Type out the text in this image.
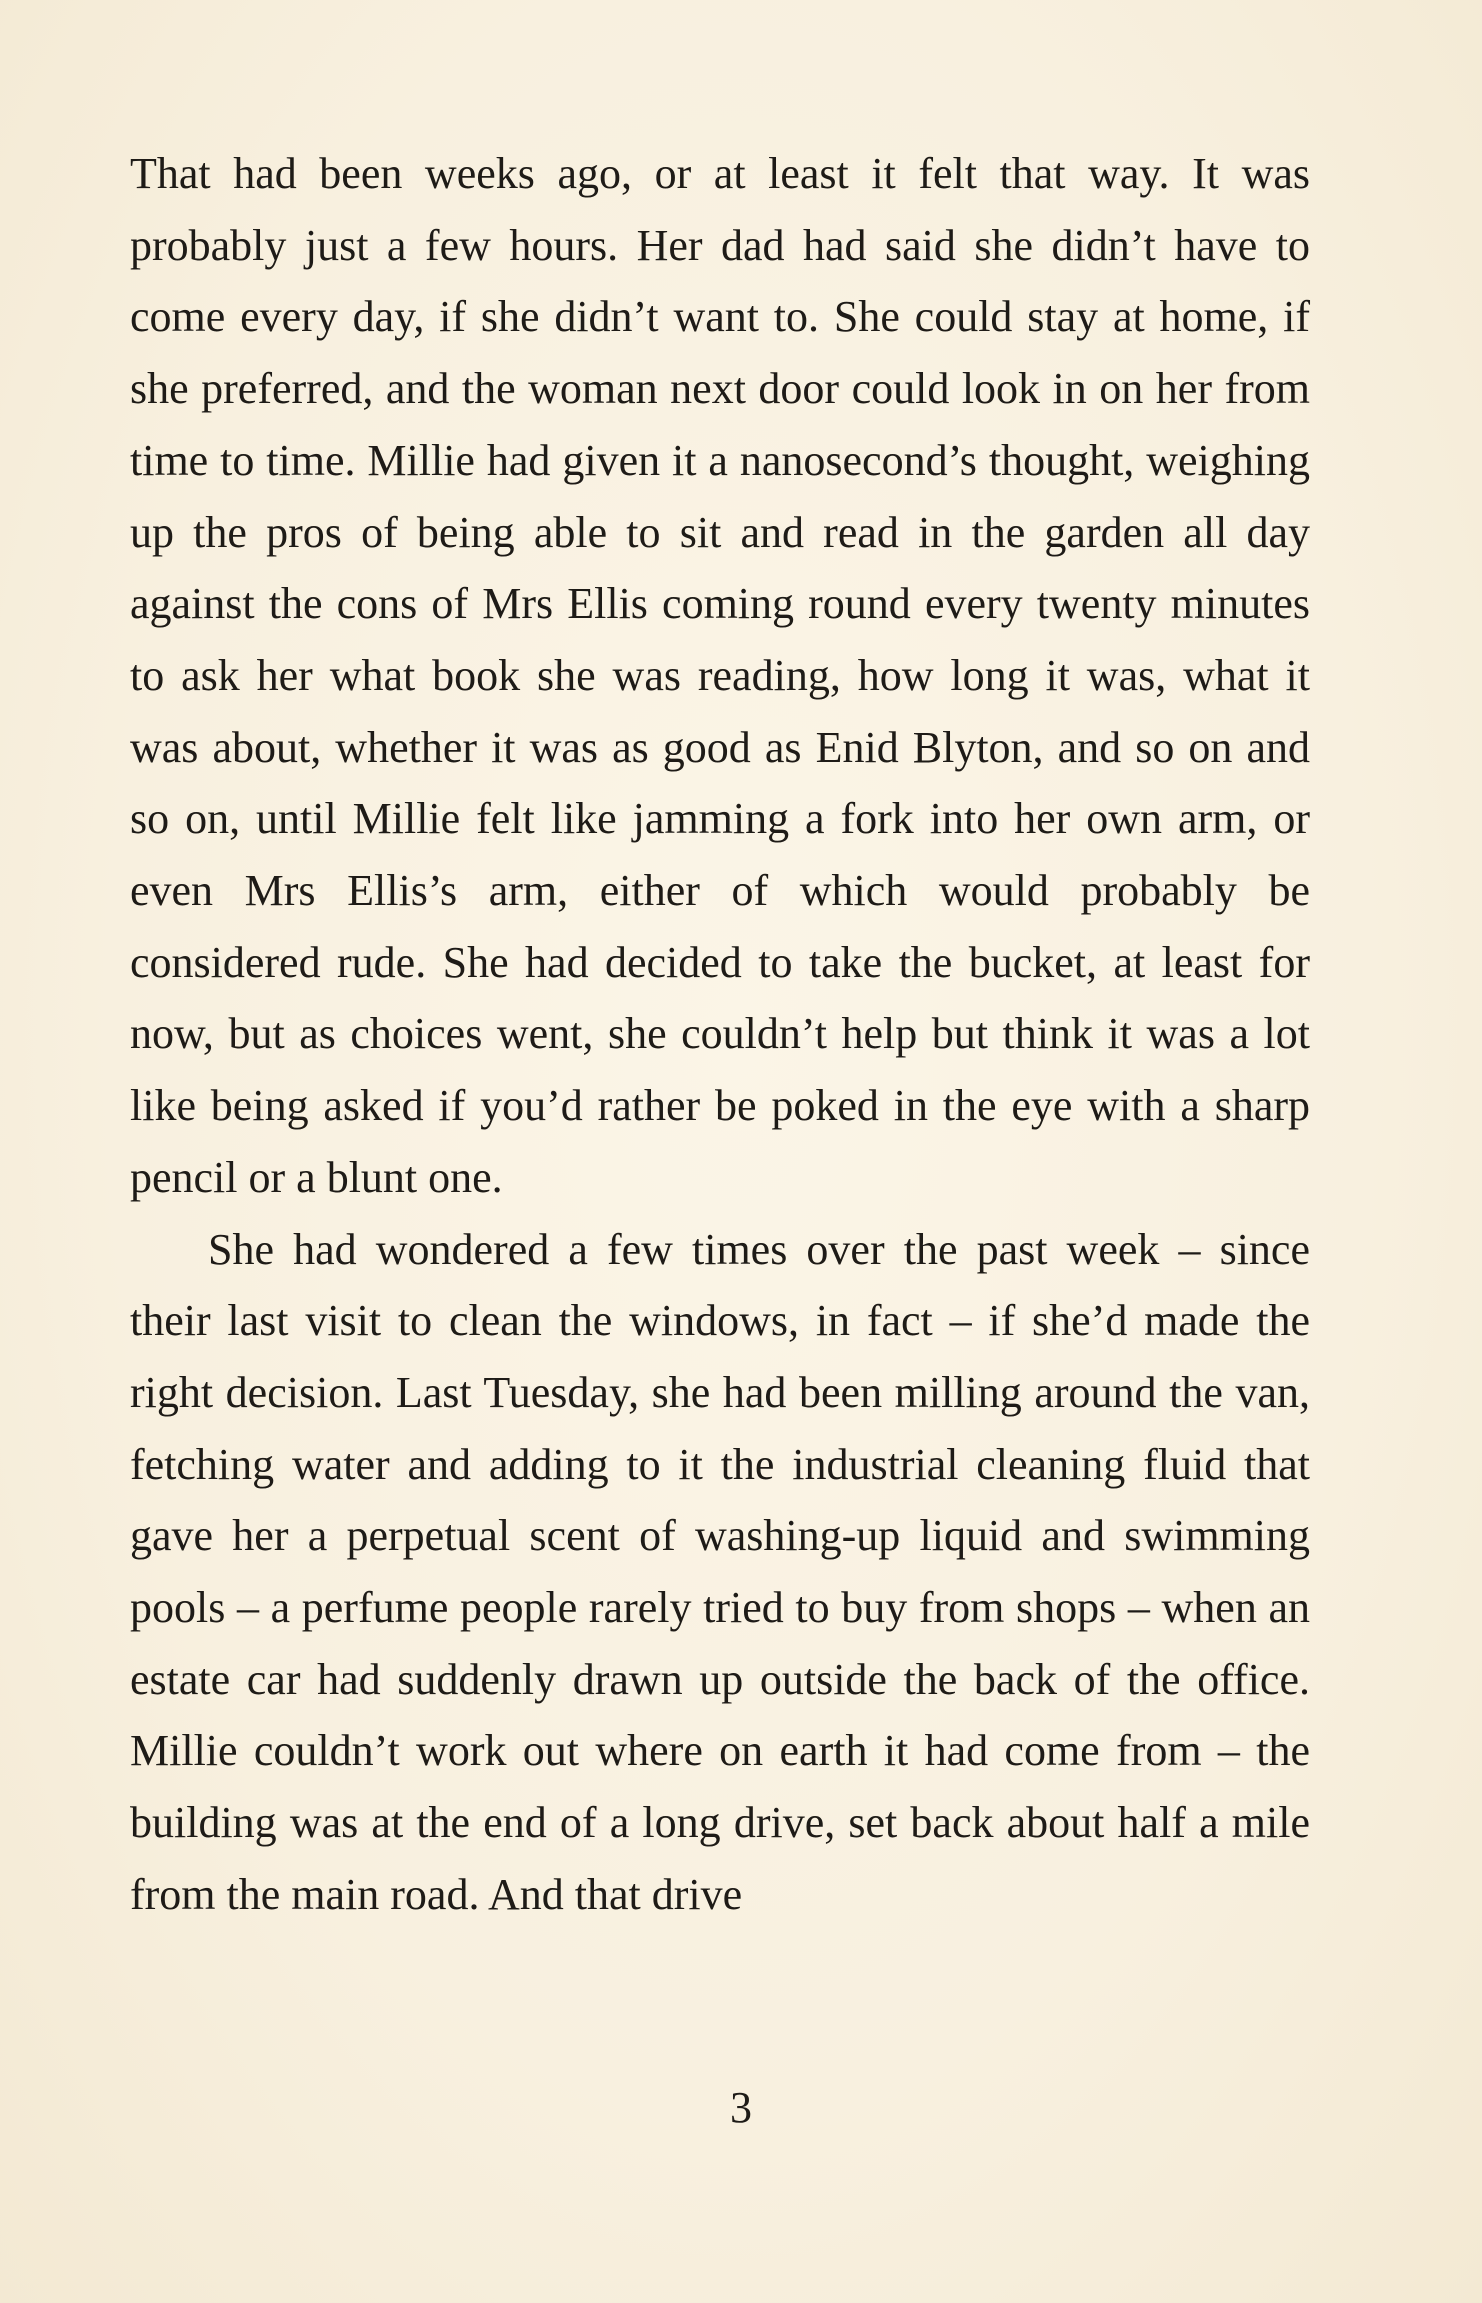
That had been weeks ago, or at least it felt that way. It was probably just a few hours. Her dad had said she didn’t have to come every day, if she didn’t want to. She could stay at home, if she preferred, and the woman next door could look in on her from time to time. Millie had given it a nanosecond’s thought, weighing up the pros of being able to sit and read in the garden all day against the cons of Mrs Ellis coming round every twenty minutes to ask her what book she was reading, how long it was, what it was about, whether it was as good as Enid Blyton, and so on and so on, until Millie felt like jamming a fork into her own arm, or even Mrs Ellis’s arm, either of which would probably be considered rude. She had decided to take the bucket, at least for now, but as choices went, she couldn’t help but think it was a lot like being asked if you’d rather be poked in the eye with a sharp pencil or a blunt one.

She had wondered a few times over the past week – since their last visit to clean the windows, in fact – if she’d made the right decision. Last Tuesday, she had been milling around the van, fetching water and adding to it the industrial cleaning fluid that gave her a perpetual scent of washing-up liquid and swimming pools – a perfume people rarely tried to buy from shops – when an estate car had suddenly drawn up outside the back of the office. Millie couldn’t work out where on earth it had come from – the building was at the end of a long drive, set back about half a mile from the main road. And that drive

3
